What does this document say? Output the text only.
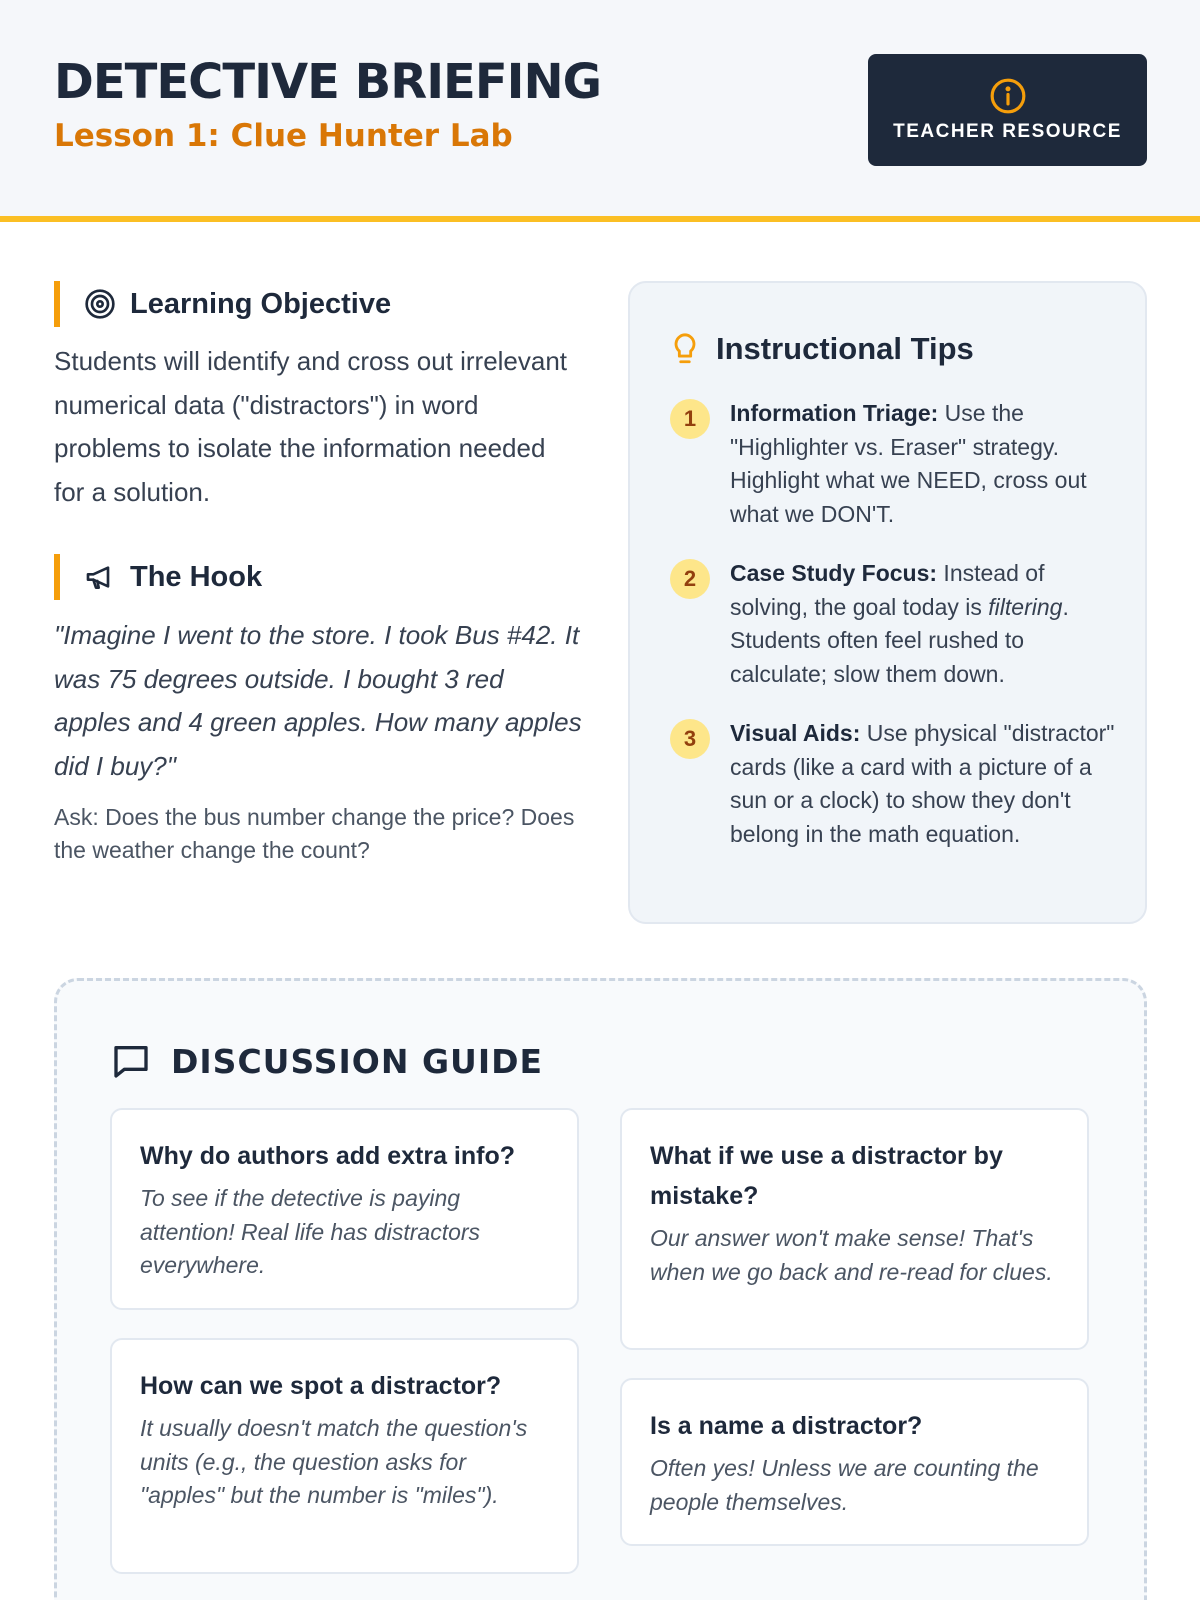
DETECTIVE BRIEFING
Lesson 1: Clue Hunter Lab	TEACHER RESOURCE
Learning Objective
Students will identify and cross out irrelevant numerical data ("distractors") in word problems to isolate the information needed for a solution.
The Hook
"Imagine I went to the store. I took Bus #42. It was 75 degrees outside. I bought 3 red apples and 4 green apples. How many apples did I buy?"
Ask: Does the bus number change the price? Does the weather change the count?
Instructional Tips
1	Information Triage: Use the "Highlighter vs. Eraser" strategy. Highlight what we NEED, cross out what we DON'T.
2	Case Study Focus: Instead of solving, the goal today is filtering. Students often feel rushed to calculate; slow them down.
3	Visual Aids: Use physical "distractor" cards (like a card with a picture of a sun or a clock) to show they don't belong in the math equation.
DISCUSSION GUIDE
Why do authors add extra info?
To see if the detective is paying attention! Real life has distractors everywhere.
What if we use a distractor by mistake?
Our answer won't make sense! That's when we go back and re-read for clues.
How can we spot a distractor?
It usually doesn't match the question's units (e.g., the question asks for "apples" but the number is "miles").
Is a name a distractor?
Often yes! Unless we are counting the people themselves.
